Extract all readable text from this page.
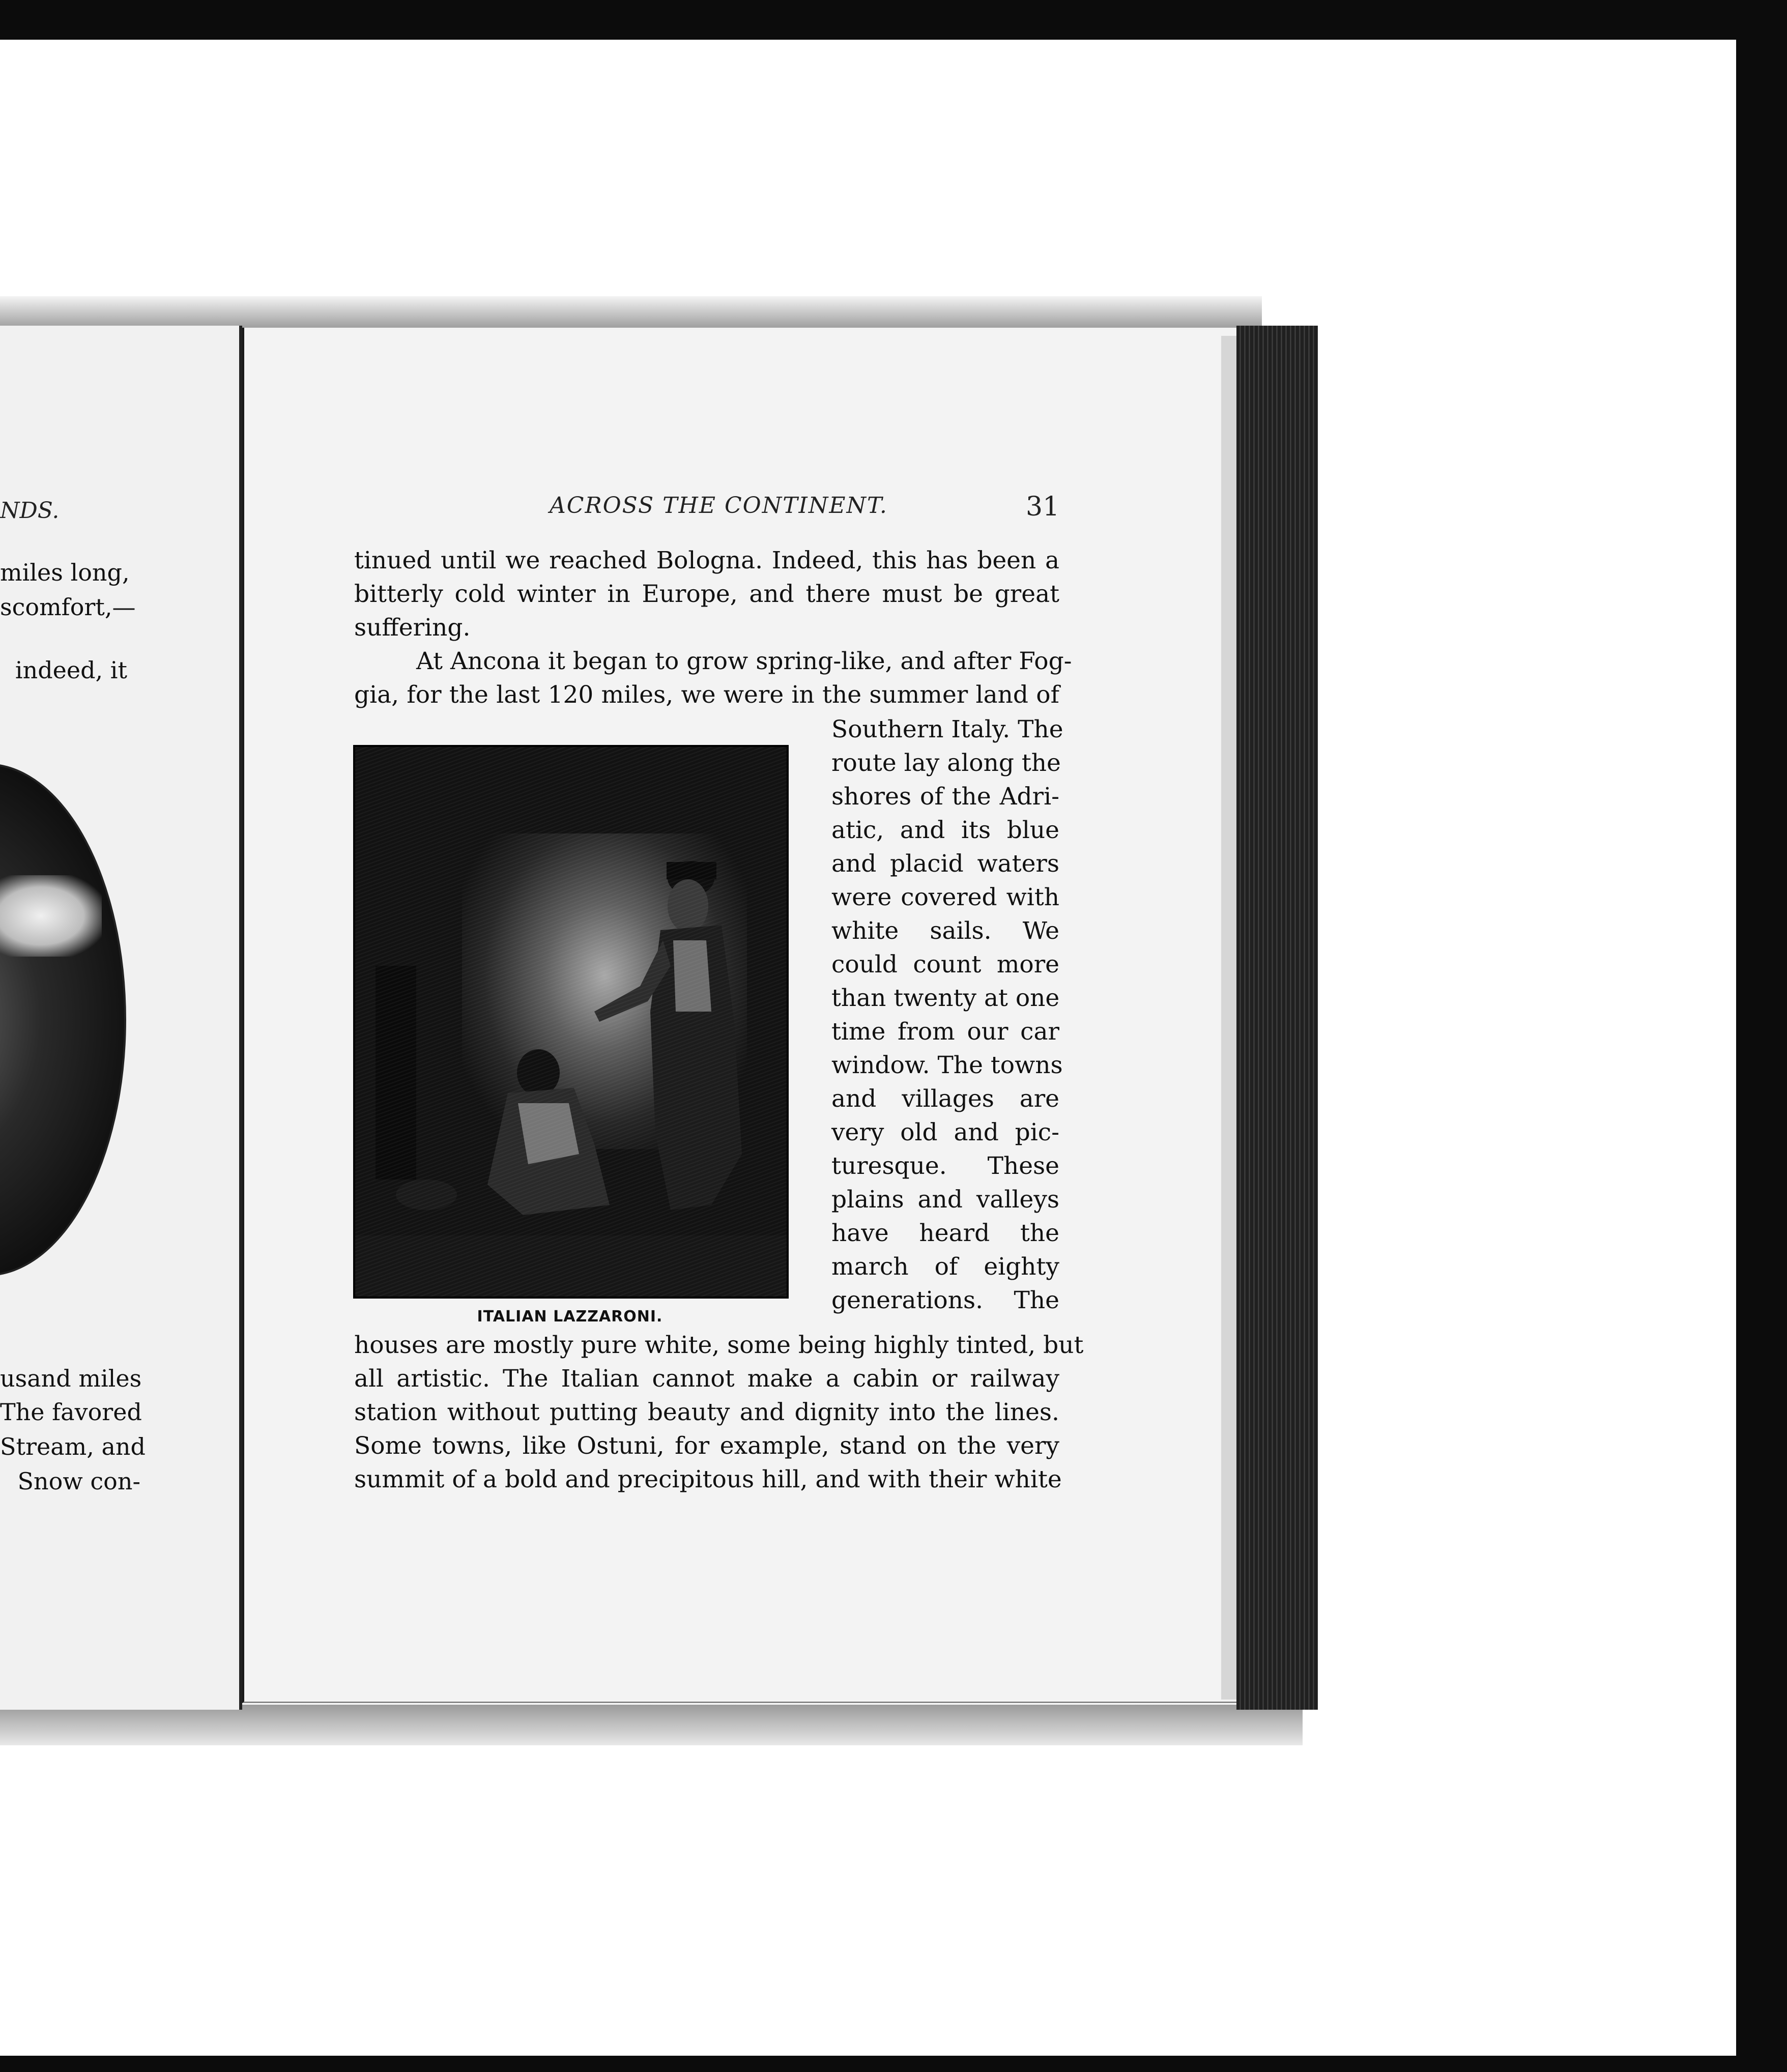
NDS.
miles long,
scomfort,—
indeed, it
usand miles
The favored
Stream, and
Snow con-
ACROSS THE CONTINENT.	31
tinued until we reached Bologna. Indeed, this has been a
bitterly cold winter in Europe, and there must be great
suffering.
At Ancona it began to grow spring-like, and after Fog-
gia, for the last 120 miles, we were in the summer land of
ITALIAN LAZZARONI.
Southern Italy. The
route lay along the
shores of the Adri-
atic, and its blue
and placid waters
were covered with
white sails. We
could count more
than twenty at one
time from our car
window. The towns
and villages are
very old and pic-
turesque. These
plains and valleys
have heard the
march of eighty
generations. The
houses are mostly pure white, some being highly tinted, but
all artistic. The Italian cannot make a cabin or railway
station without putting beauty and dignity into the lines.
Some towns, like Ostuni, for example, stand on the very
summit of a bold and precipitous hill, and with their white
